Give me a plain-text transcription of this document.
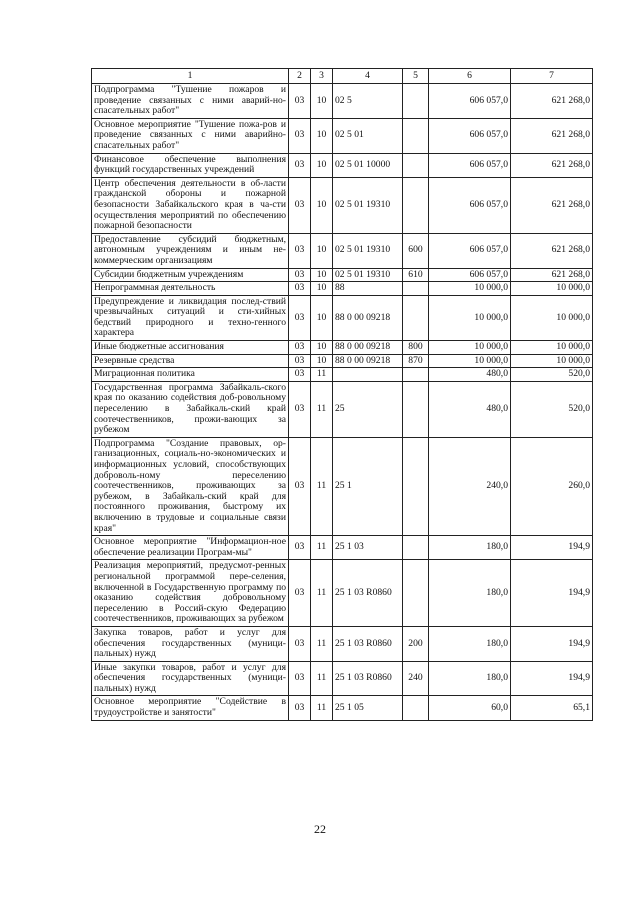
1	2	3	4	5	6	7
Подпрограмма "Тушение пожаров и проведение связанных с ними аварий-но-спасательных работ"	03	10	02 5		606 057,0	621 268,0
Основное мероприятие "Тушение пожа-ров и проведение связанных с ними аварийно-спасательных работ"	03	10	02 5 01		606 057,0	621 268,0
Финансовое обеспечение выполнения функций государственных учреждений	03	10	02 5 01 10000		606 057,0	621 268,0
Центр обеспечения деятельности в об-ласти гражданской обороны и пожарной безопасности Забайкальского края в ча-сти осуществления мероприятий по обеспечению пожарной безопасности	03	10	02 5 01 19310		606 057,0	621 268,0
Предоставление субсидий бюджетным, автономным учреждениям и иным не-коммерческим организациям	03	10	02 5 01 19310	600	606 057,0	621 268,0
Субсидии бюджетным учреждениям	03	10	02 5 01 19310	610	606 057,0	621 268,0
Непрограммная деятельность	03	10	88		10 000,0	10 000,0
Предупреждение и ликвидация послед-ствий чрезвычайных ситуаций и сти-хийных бедствий природного и техно-генного характера	03	10	88 0 00 09218		10 000,0	10 000,0
Иные бюджетные ассигнования	03	10	88 0 00 09218	800	10 000,0	10 000,0
Резервные средства	03	10	88 0 00 09218	870	10 000,0	10 000,0
Миграционная политика	03	11			480,0	520,0
Государственная программа Забайкаль-ского края по оказанию содействия доб-ровольному переселению в Забайкаль-ский край соотечественников, прожи-вающих за рубежом	03	11	25		480,0	520,0
Подпрограмма "Создание правовых, ор-ганизационных, социаль-но-экономических и информационных условий, способствующих доброволь-ному переселению соотечественников, проживающих за рубежом, в Забайкаль-ский край для постоянного проживания, быстрому их включению в трудовые и социальные связи края"	03	11	25 1		240,0	260,0
Основное мероприятие "Информацион-ное обеспечение реализации Програм-мы"	03	11	25 1 03		180,0	194,9
Реализация мероприятий, предусмот-ренных региональной программой пере-селения, включенной в Государственную программу по оказанию содействия добровольному переселению в Россий-скую Федерацию соотечественников, проживающих за рубежом	03	11	25 1 03 R0860		180,0	194,9
Закупка товаров, работ и услуг для обеспечения государственных (муници-пальных) нужд	03	11	25 1 03 R0860	200	180,0	194,9
Иные закупки товаров, работ и услуг для обеспечения государственных (муници-пальных) нужд	03	11	25 1 03 R0860	240	180,0	194,9
Основное мероприятие "Содействие в трудоустройстве и занятости"	03	11	25 1 05		60,0	65,1
22
